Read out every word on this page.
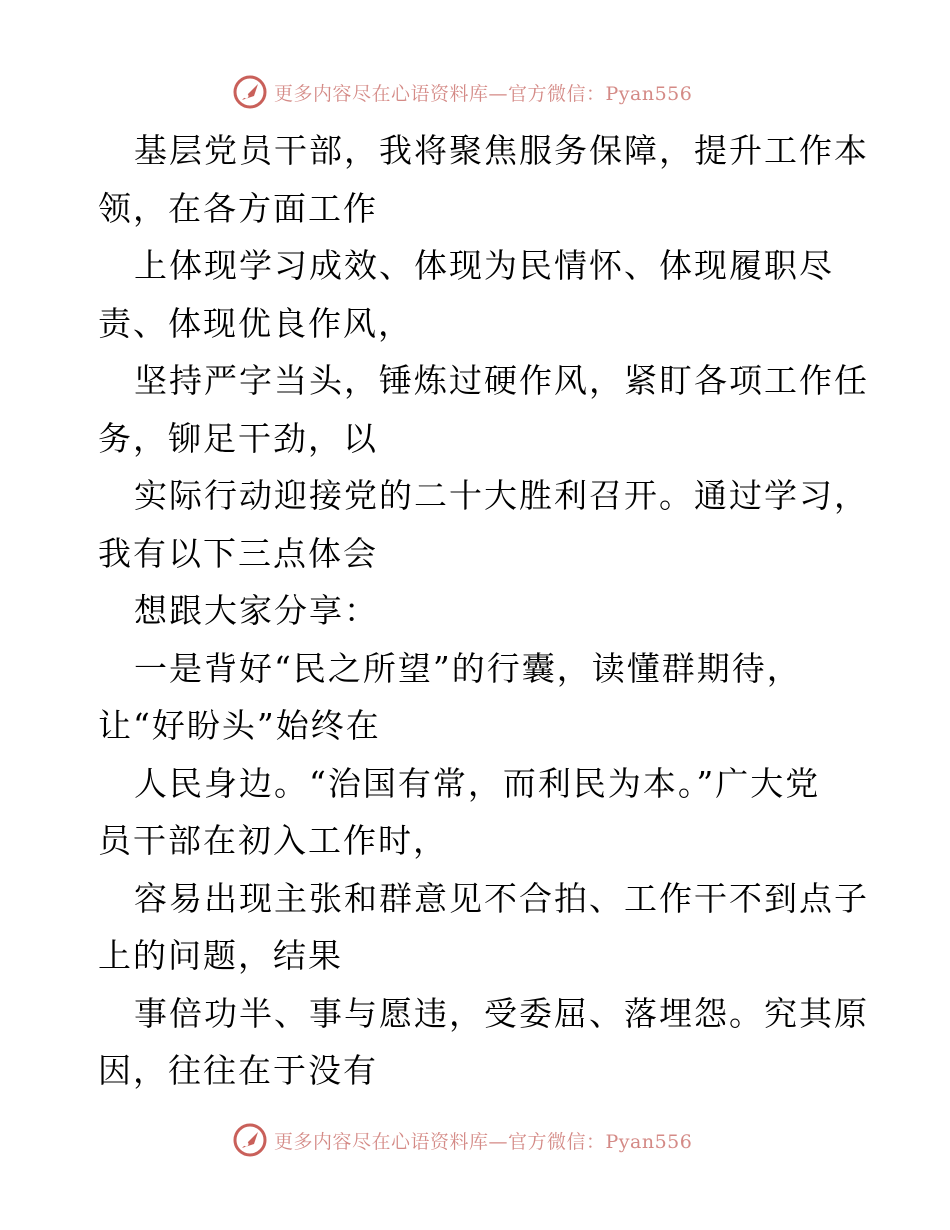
更多内容尽在心语资料库—官方微信：Pyan556
基层党员干部，我将聚焦服务保障，提升工作本
领，在各方面工作
上体现学习成效、体现为民情怀、体现履职尽
责、体现优良作风，
坚持严字当头，锤炼过硬作风，紧盯各项工作任
务，铆足干劲，以
实际行动迎接党的二十大胜利召开。通过学习，
我有以下三点体会
想跟大家分享：
一是背好“民之所望”的行囊，读懂群期待，
让“好盼头”始终在
人民身边。“治国有常，而利民为本。”广大党
员干部在初入工作时，
容易出现主张和群意见不合拍、工作干不到点子
上的问题，结果
事倍功半、事与愿违，受委屈、落埋怨。究其原
因，往往在于没有
更多内容尽在心语资料库—官方微信：Pyan556
